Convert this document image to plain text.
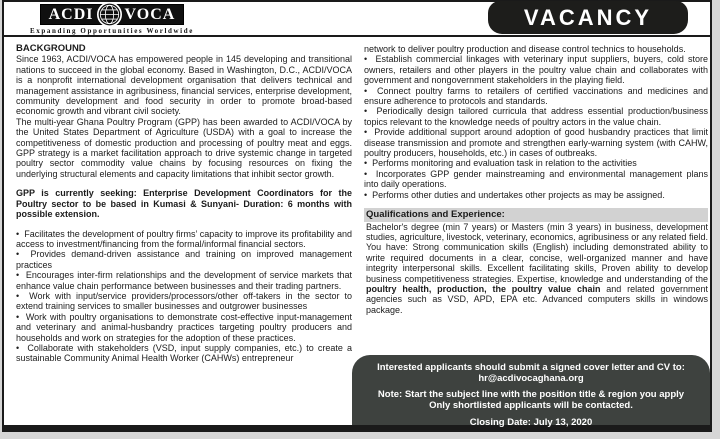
ACDI VOCA
Expanding Opportunities Worldwide
VACANCY
BACKGROUND

Since 1963, ACDI/VOCA has empowered people in 145 developing and transitional nations to succeed in the global economy. Based in Washington, D.C., ACDI/VOCA is a nonprofit international development organisation that delivers technical and management assistance in agribusiness, financial services, enterprise development, community development and food security in order to promote broad-based economic growth and vibrant civil society.

The multi-year Ghana Poultry Program (GPP) has been awarded to ACDI/VOCA by the United States Department of Agriculture (USDA) with a goal to increase the competitiveness of domestic production and processing of poultry meat and eggs. GPP strategy is a market facilitation approach to drive systemic change in targeted poultry sector commodity value chains by focusing resources on fixing the underlying structural elements and capacity limitations that inhibit sector growth.

GPP is currently seeking: Enterprise Development Coordinators for the Poultry sector to be based in Kumasi & Sunyani- Duration: 6 months with possible extension.

•  Facilitates the development of poultry firms’ capacity to improve its profitability and access to investment/financing from the formal/informal financial sectors.

•  Provides demand-driven assistance and training on improved management practices

•  Encourages inter-firm relationships and the development of service markets that enhance value chain performance between businesses and their trading partners.

•  Work with input/service providers/processors/other off-takers in the sector to extend training services to smaller businesses and outgrower businesses

•  Work with poultry organisations to demonstrate cost-effective input-management and veterinary and animal-husbandry practices targeting poultry producers and households and work on strategies for the adoption of these practices.

•  Collaborate with stakeholders (VSD, input supply companies, etc.) to create a sustainable Community Animal Health Worker (CAHWs) entrepreneur

network to deliver poultry production and disease control technics to households.

•  Establish commercial linkages with veterinary input suppliers, buyers, cold store owners, retailers and other players in the poultry value chain and collaborates with government and nongovernment stakeholders in the playing field.

•  Connect poultry farms to retailers of certified vaccinations and medicines and ensure adherence to protocols and standards.

•  Periodically design tailored curricula that address essential production/business topics relevant to the knowledge needs of poultry actors in the value chain.

•  Provide additional support around adoption of good husbandry practices that limit disease transmission and promote and strengthen early-warning system (with CAHW, poultry producers, households, etc.) in cases of outbreaks.

•  Performs monitoring and evaluation task in relation to the activities

•  Incorporates GPP gender mainstreaming and environmental management plans into daily operations.

•  Performs other duties and undertakes other projects as may be assigned.

Qualifications and Experience:

Bachelor's degree (min 7 years) or Masters (min 3 years) in business, development studies, agriculture, livestock, veterinary, economics, agribusiness or any related field. You have: Strong communication skills (English) including demonstrated ability to write required documents in a clear, concise, well-organized manner and have integrity interpersonal skills. Excellent facilitating skills, Proven ability to develop business competitiveness strategies. Expertise, knowledge and understanding of the poultry health, production, the poultry value chain and related government agencies such as VSD, APD, EPA etc. Advanced computers skills in windows package.

Interested applicants should submit a signed cover letter and CV to:
hr@acdivocaghana.org
Note: Start the subject line with the position title & region you apply
Only shortlisted applicants will be contacted.
Closing Date: July 13, 2020
